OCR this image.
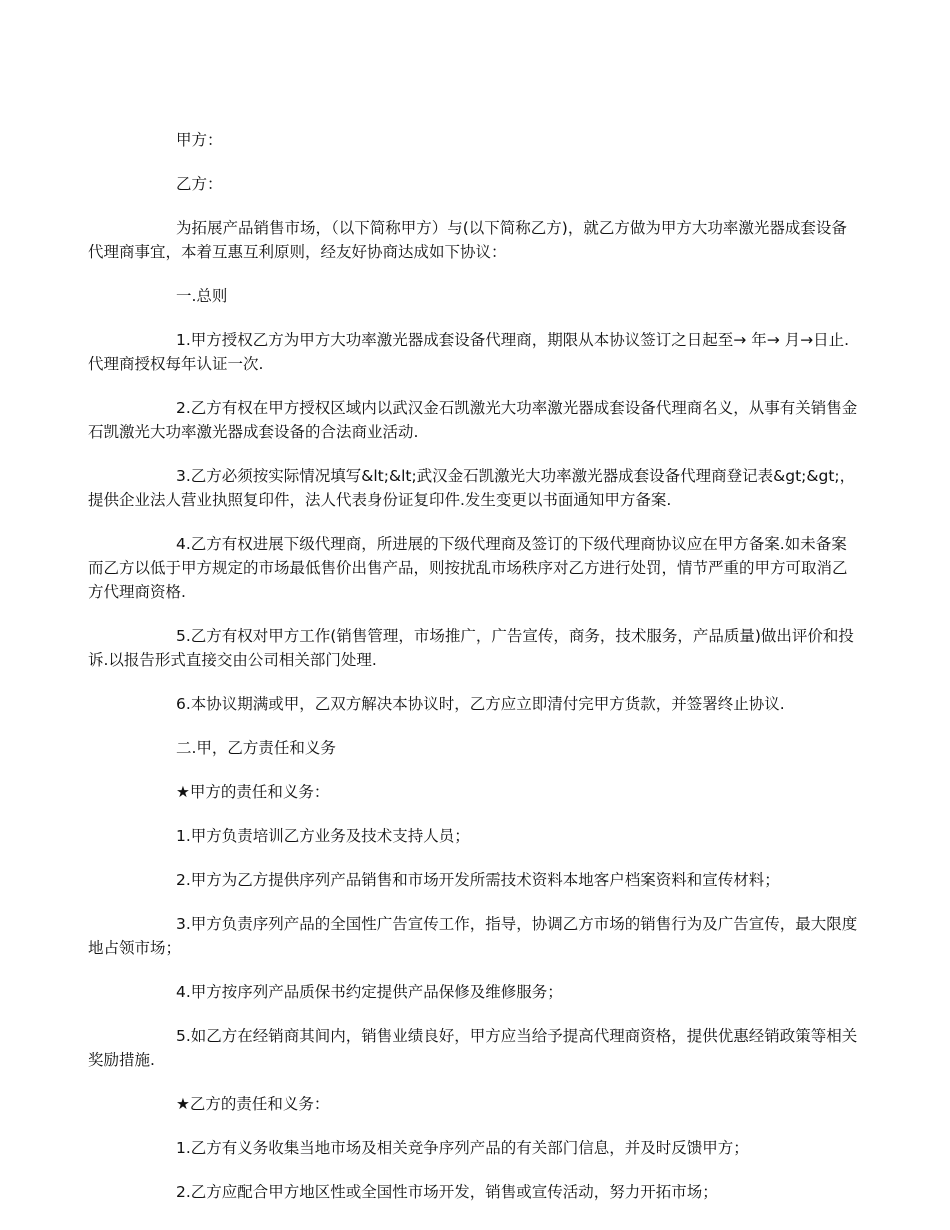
甲方：

乙方：

为拓展产品销售市场，（以下简称甲方）与(以下简称乙方)，就乙方做为甲方大功率激光器成套设备代理商事宜，本着互惠互利原则，经友好协商达成如下协议：

一.总则

1.甲方授权乙方为甲方大功率激光器成套设备代理商，期限从本协议签订之日起至→ 年→ 月→日止. 代理商授权每年认证一次.

2.乙方有权在甲方授权区域内以武汉金石凯激光大功率激光器成套设备代理商名义，从事有关销售金石凯激光大功率激光器成套设备的合法商业活动.

3.乙方必须按实际情况填写&lt;&lt;武汉金石凯激光大功率激光器成套设备代理商登记表&gt;&gt;，提供企业法人营业执照复印件，法人代表身份证复印件.发生变更以书面通知甲方备案.

4.乙方有权进展下级代理商，所进展的下级代理商及签订的下级代理商协议应在甲方备案.如未备案而乙方以低于甲方规定的市场最低售价出售产品，则按扰乱市场秩序对乙方进行处罚，情节严重的甲方可取消乙方代理商资格.

5.乙方有权对甲方工作(销售管理，市场推广，广告宣传，商务，技术服务，产品质量)做出评价和投诉.以报告形式直接交由公司相关部门处理.

6.本协议期满或甲，乙双方解决本协议时，乙方应立即清付完甲方货款，并签署终止协议.

二.甲，乙方责任和义务

★甲方的责任和义务：

1.甲方负责培训乙方业务及技术支持人员；

2.甲方为乙方提供序列产品销售和市场开发所需技术资料本地客户档案资料和宣传材料；

3.甲方负责序列产品的全国性广告宣传工作，指导，协调乙方市场的销售行为及广告宣传，最大限度地占领市场；

4.甲方按序列产品质保书约定提供产品保修及维修服务；

5.如乙方在经销商其间内，销售业绩良好，甲方应当给予提高代理商资格，提供优惠经销政策等相关奖励措施.

★乙方的责任和义务：

1.乙方有义务收集当地市场及相关竞争序列产品的有关部门信息，并及时反馈甲方；

2.乙方应配合甲方地区性或全国性市场开发，销售或宣传活动，努力开拓市场；
